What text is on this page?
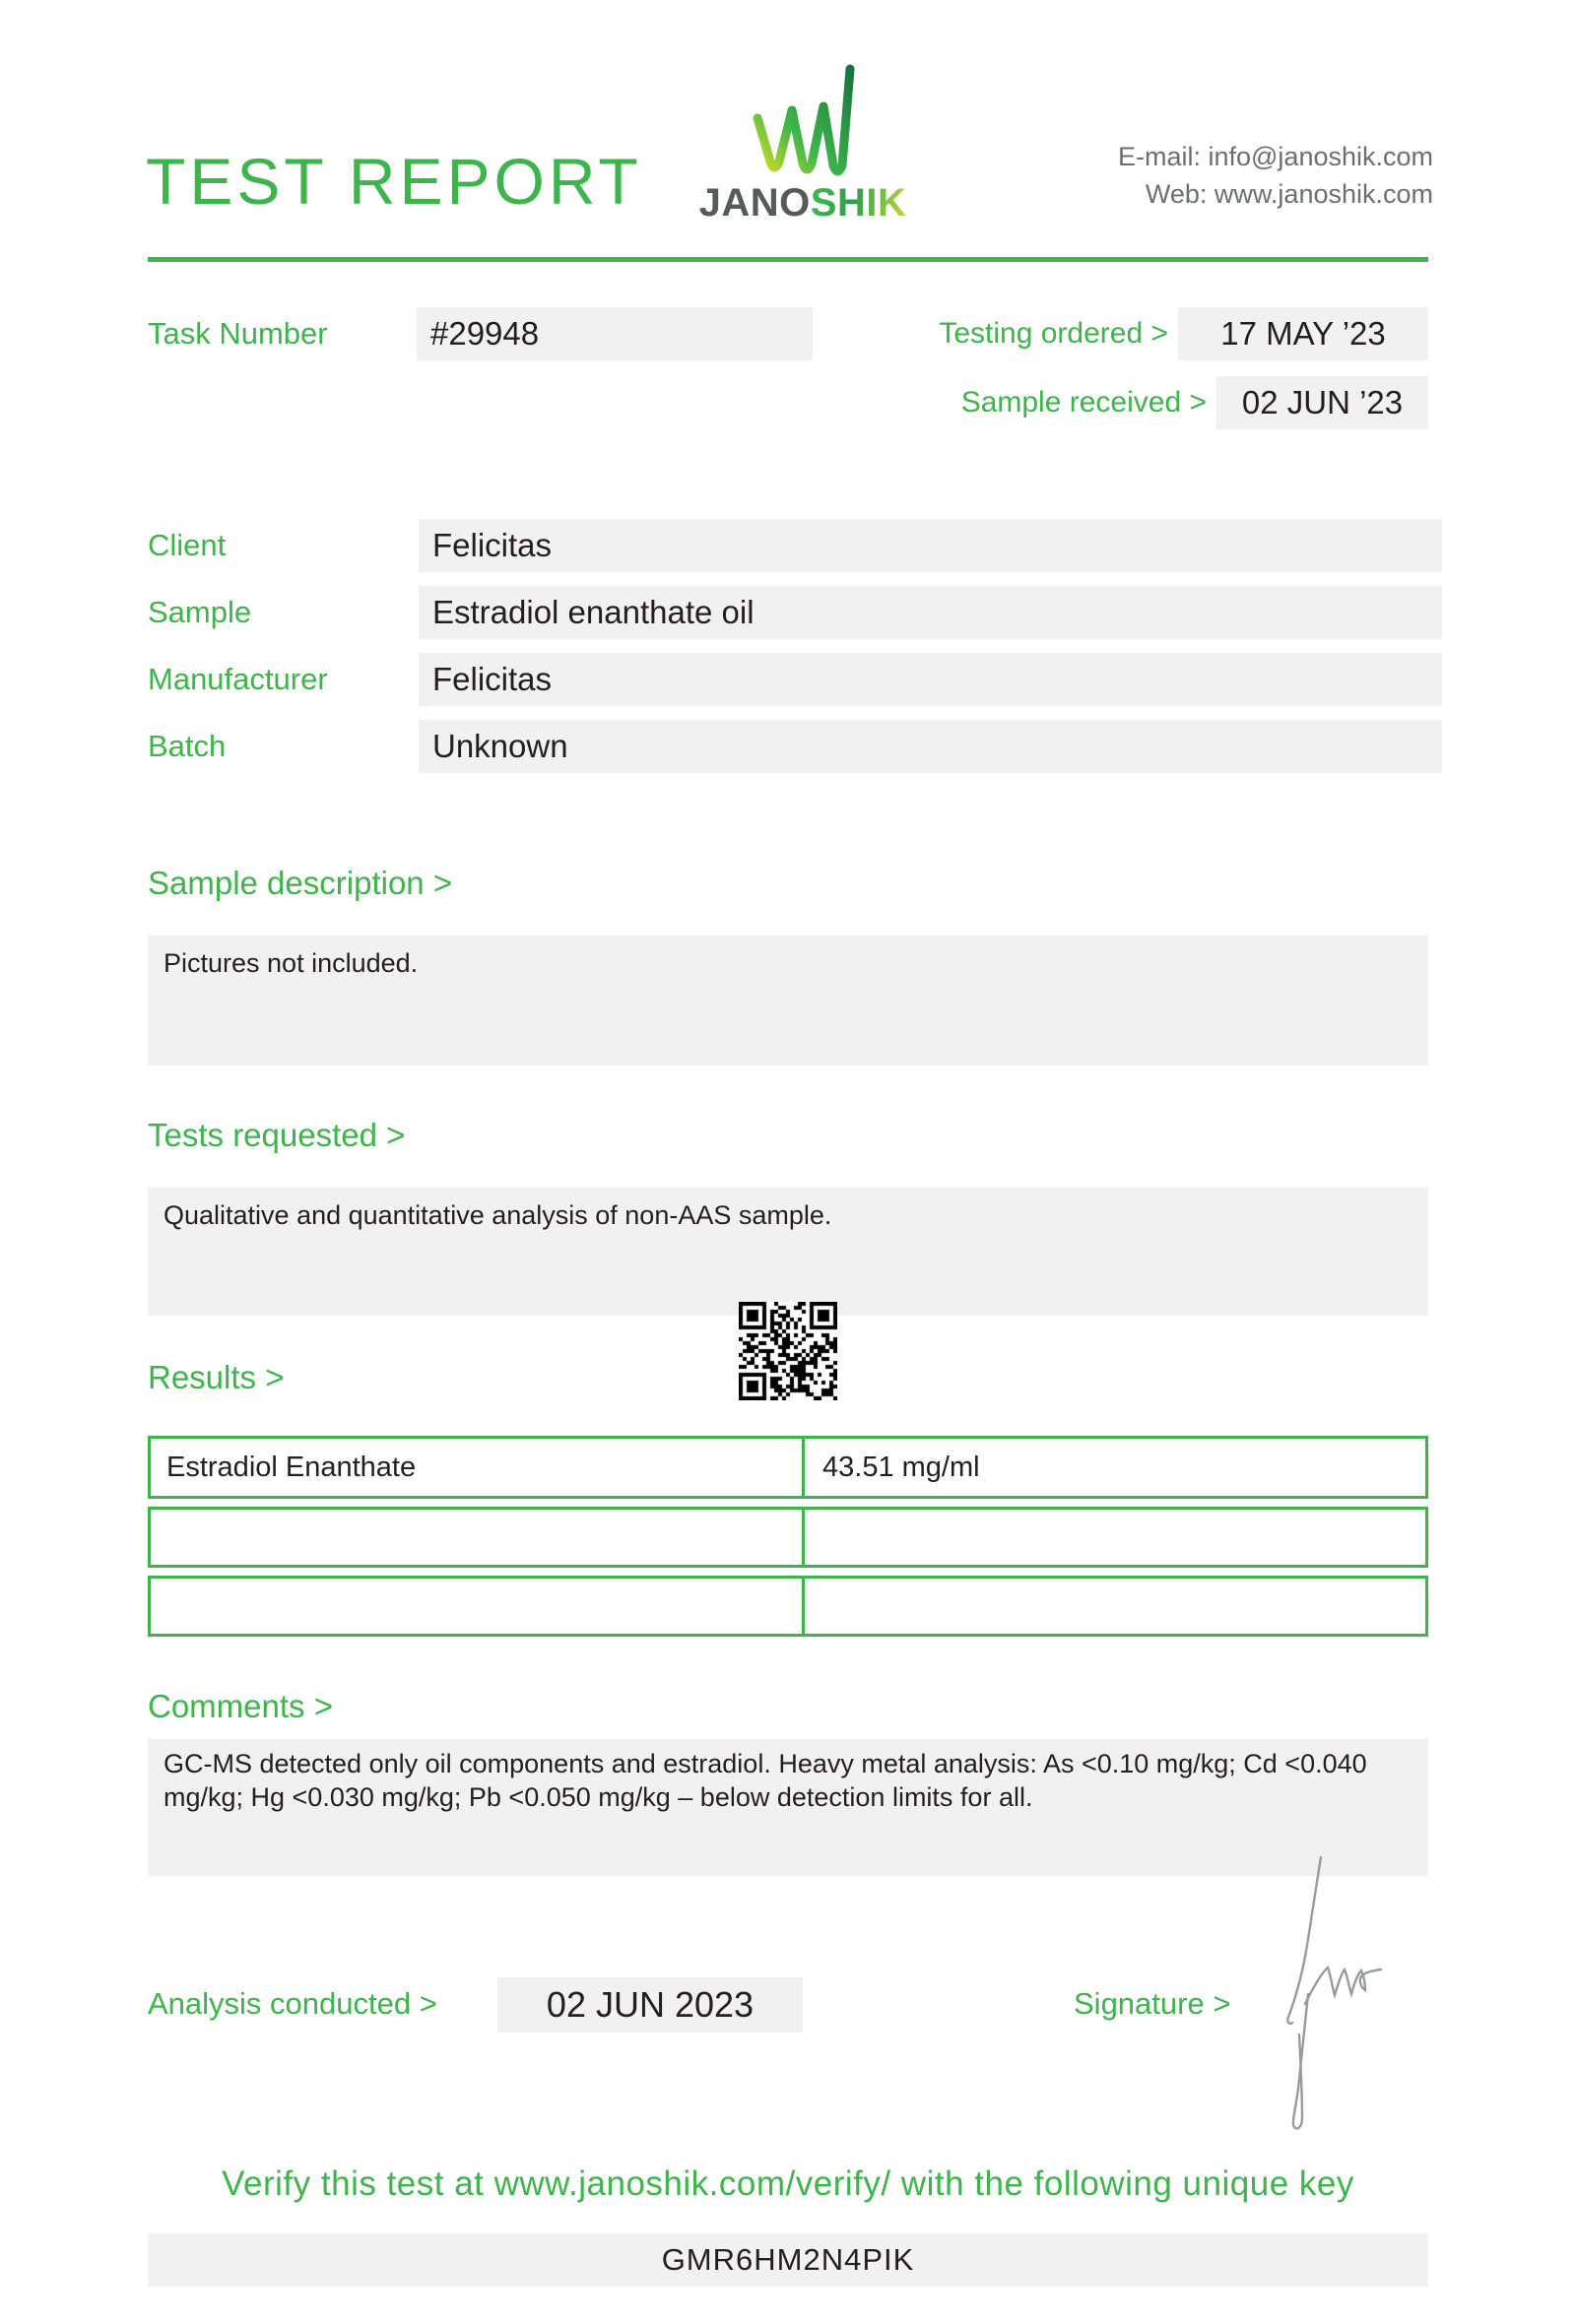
TEST REPORT JANOSHIK
E-mail: info@janoshik.com
Web: www.janoshik.com
Task Number	#29948	Testing ordered >	17 MAY ’23
Sample received >	02 JUN ’23
Client	Felicitas
Sample	Estradiol enanthate oil
Manufacturer	Felicitas
Batch	Unknown
Sample description >
Pictures not included.
Tests requested >
Qualitative and quantitative analysis of non-AAS sample.
Results >
Estradiol Enanthate	43.51 mg/ml
Comments >
GC-MS detected only oil components and estradiol. Heavy metal analysis: As <0.10 mg/kg; Cd <0.040 mg/kg; Hg <0.030 mg/kg; Pb <0.050 mg/kg – below detection limits for all.
Analysis conducted >	02 JUN 2023	Signature >
Verify this test at www.janoshik.com/verify/ with the following unique key
GMR6HM2N4PIK
